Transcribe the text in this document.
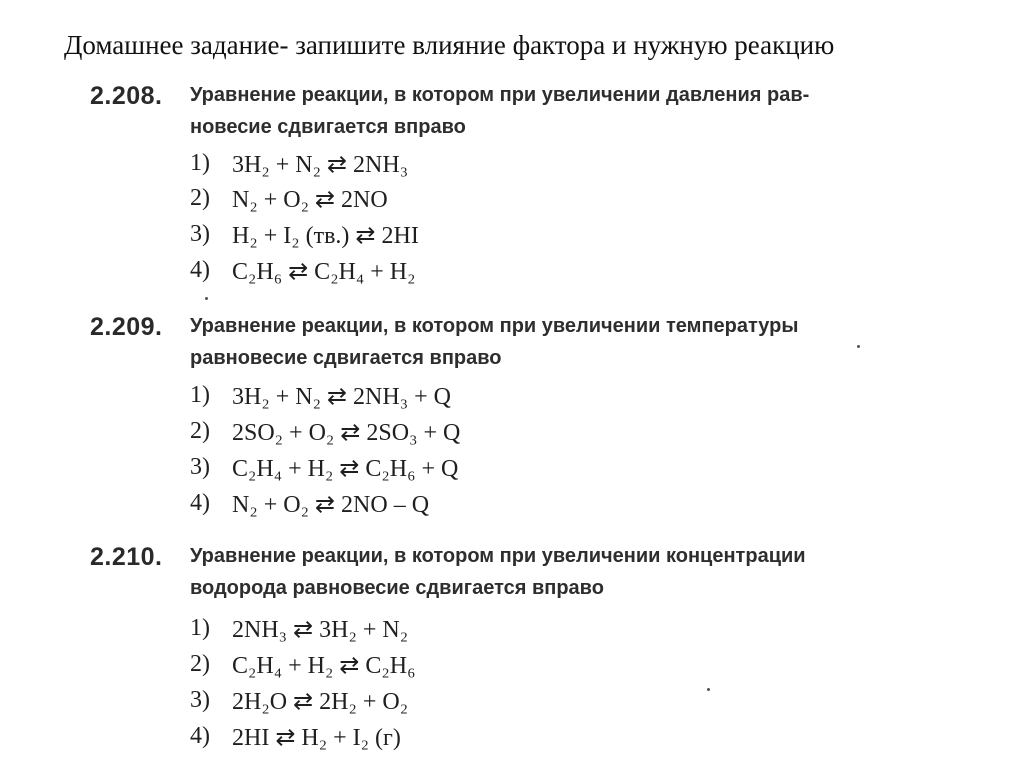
Домашнее задание- запишите влияние фактора и нужную реакцию
2.208. Уравнение реакции, в котором при увеличении давления рав-
новесие сдвигается вправо
1) 3H₂ + N₂ ⇄ 2NH₃
2) N₂ + O₂ ⇄ 2NO
3) H₂ + I₂ (тв.) ⇄ 2HI
4) C₂H₆ ⇄ C₂H₄ + H₂
2.209. Уравнение реакции, в котором при увеличении температуры
равновесие сдвигается вправо
1) 3H₂ + N₂ ⇄ 2NH₃ + Q
2) 2SO₂ + O₂ ⇄ 2SO₃ + Q
3) C₂H₄ + H₂ ⇄ C₂H₆ + Q
4) N₂ + O₂ ⇄ 2NO – Q
2.210. Уравнение реакции, в котором при увеличении концентрации
водорода равновесие сдвигается вправо
1) 2NH₃ ⇄ 3H₂ + N₂
2) C₂H₄ + H₂ ⇄ C₂H₆
3) 2H₂O ⇄ 2H₂ + O₂
4) 2HI ⇄ H₂ + I₂ (г)
